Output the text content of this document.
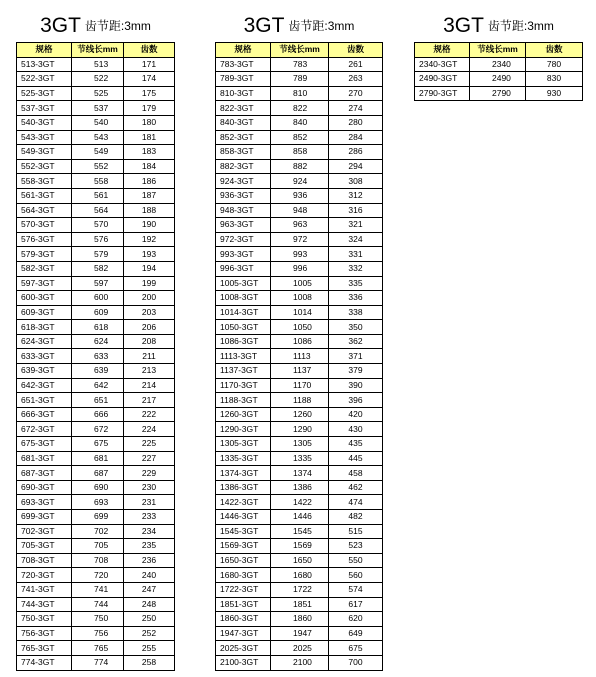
3GT 齿节距:3mm
规格	节线长mm	齿数
513-3GT	513	171
522-3GT	522	174
525-3GT	525	175
537-3GT	537	179
540-3GT	540	180
543-3GT	543	181
549-3GT	549	183
552-3GT	552	184
558-3GT	558	186
561-3GT	561	187
564-3GT	564	188
570-3GT	570	190
576-3GT	576	192
579-3GT	579	193
582-3GT	582	194
597-3GT	597	199
600-3GT	600	200
609-3GT	609	203
618-3GT	618	206
624-3GT	624	208
633-3GT	633	211
639-3GT	639	213
642-3GT	642	214
651-3GT	651	217
666-3GT	666	222
672-3GT	672	224
675-3GT	675	225
681-3GT	681	227
687-3GT	687	229
690-3GT	690	230
693-3GT	693	231
699-3GT	699	233
702-3GT	702	234
705-3GT	705	235
708-3GT	708	236
720-3GT	720	240
741-3GT	741	247
744-3GT	744	248
750-3GT	750	250
756-3GT	756	252
765-3GT	765	255
774-3GT	774	258
3GT 齿节距:3mm
规格	节线长mm	齿数
783-3GT	783	261
789-3GT	789	263
810-3GT	810	270
822-3GT	822	274
840-3GT	840	280
852-3GT	852	284
858-3GT	858	286
882-3GT	882	294
924-3GT	924	308
936-3GT	936	312
948-3GT	948	316
963-3GT	963	321
972-3GT	972	324
993-3GT	993	331
996-3GT	996	332
1005-3GT	1005	335
1008-3GT	1008	336
1014-3GT	1014	338
1050-3GT	1050	350
1086-3GT	1086	362
1113-3GT	1113	371
1137-3GT	1137	379
1170-3GT	1170	390
1188-3GT	1188	396
1260-3GT	1260	420
1290-3GT	1290	430
1305-3GT	1305	435
1335-3GT	1335	445
1374-3GT	1374	458
1386-3GT	1386	462
1422-3GT	1422	474
1446-3GT	1446	482
1545-3GT	1545	515
1569-3GT	1569	523
1650-3GT	1650	550
1680-3GT	1680	560
1722-3GT	1722	574
1851-3GT	1851	617
1860-3GT	1860	620
1947-3GT	1947	649
2025-3GT	2025	675
2100-3GT	2100	700
3GT 齿节距:3mm
规格	节线长mm	齿数
2340-3GT	2340	780
2490-3GT	2490	830
2790-3GT	2790	930
